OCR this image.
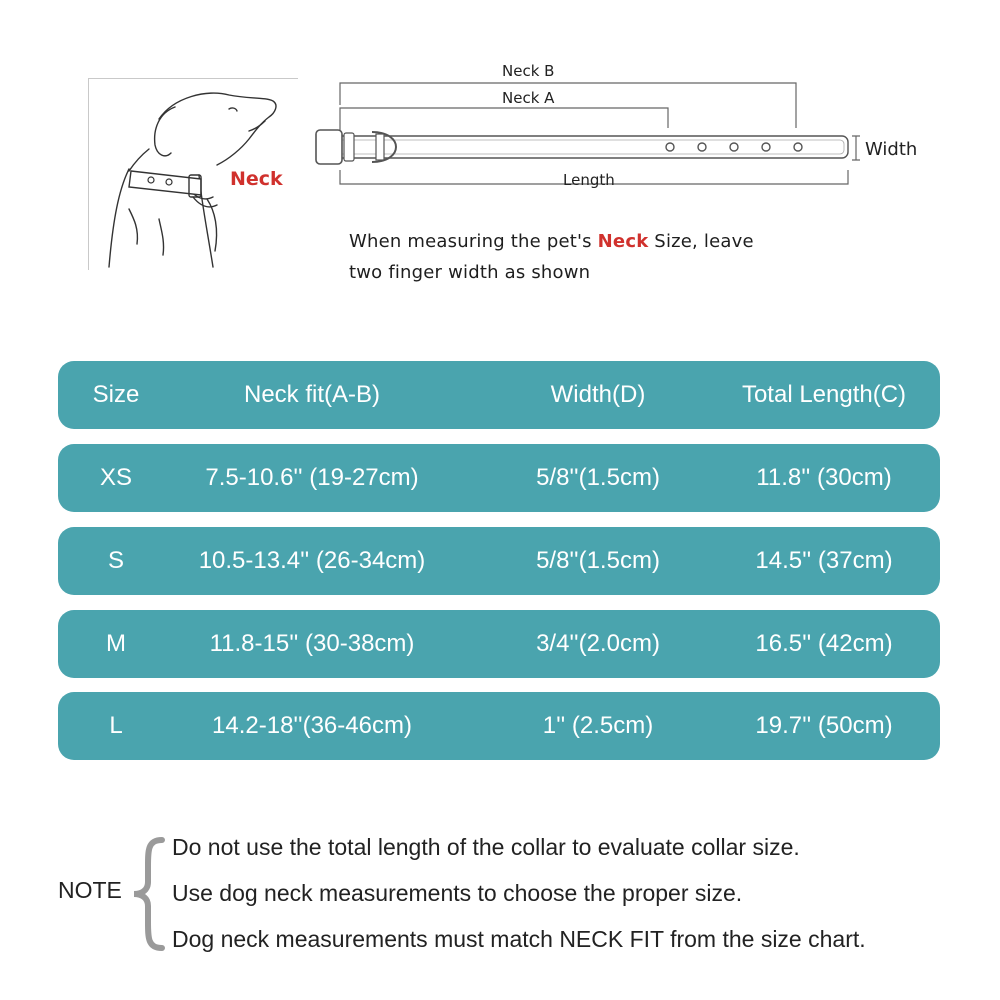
Neck
Neck B
Neck A
Length
Width
When measuring the pet's Neck Size, leave
two finger width as shown
Size	Neck fit(A-B)	Width(D)	Total Length(C)
XS	7.5-10.6'' (19-27cm)	5/8''(1.5cm)	11.8'' (30cm)
S	10.5-13.4'' (26-34cm)	5/8''(1.5cm)	14.5'' (37cm)
M	11.8-15'' (30-38cm)	3/4''(2.0cm)	16.5'' (42cm)
L	14.2-18''(36-46cm)	1'' (2.5cm)	19.7'' (50cm)
NOTE
Do not use the total length of the collar to evaluate collar size.
Use dog neck measurements to choose the proper size.
Dog neck measurements must match NECK FIT from the size chart.
